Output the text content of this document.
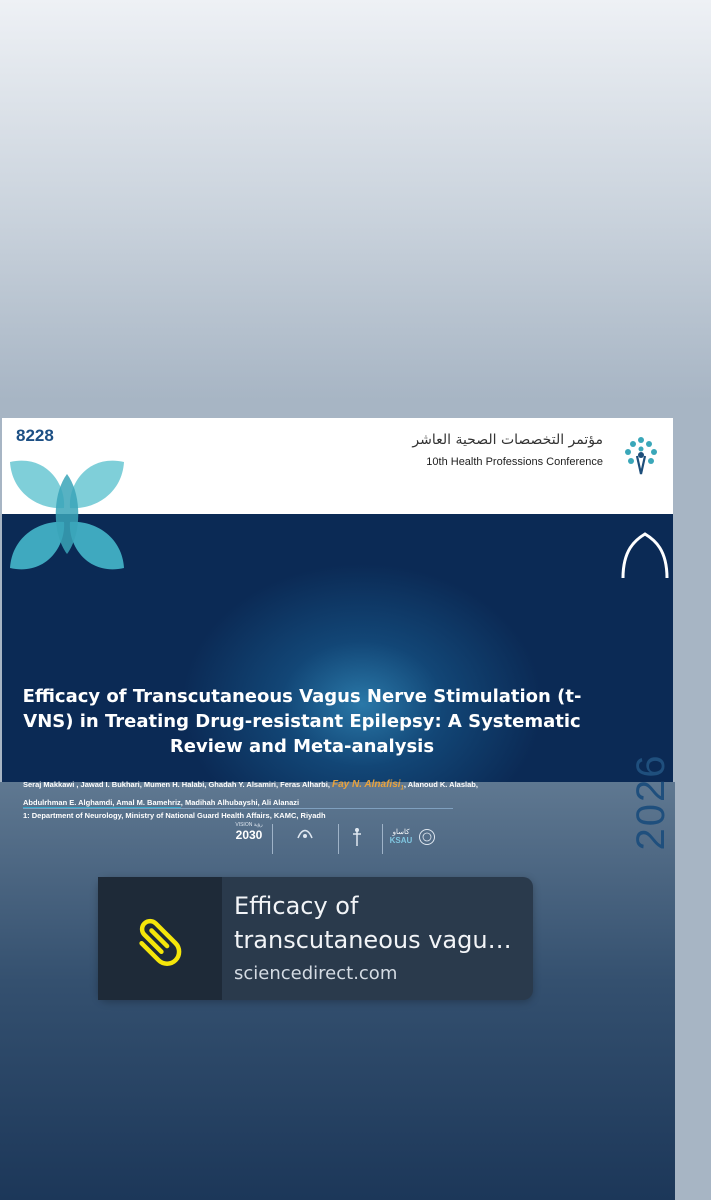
8228	مؤتمر التخصصات الصحية العاشر
10th Health Professions Conference
Efficacy of Transcutaneous Vagus Nerve Stimulation (t-
VNS) in Treating Drug-resistant Epilepsy: A Systematic
Review and Meta-analysis
Seraj Makkawi , Jawad I. Bukhari, Mumen H. Halabi, Ghadah Y. Alsamiri, Feras Alharbi, Fay N. Alnafisi$_1$, Alanoud K. Alaslab,
Abdulrhman E. Alghamdi, Amal M. Bamehriz, Madihah Alhubayshi, Ali Alanazi
1: Department of Neurology, Ministry of National Guard Health Affairs, KAMC, Riyadh
VISION رؤية
2030	كاساو
KSAU	2026
Efficacy of transcutaneous vagu…
sciencedirect.com
